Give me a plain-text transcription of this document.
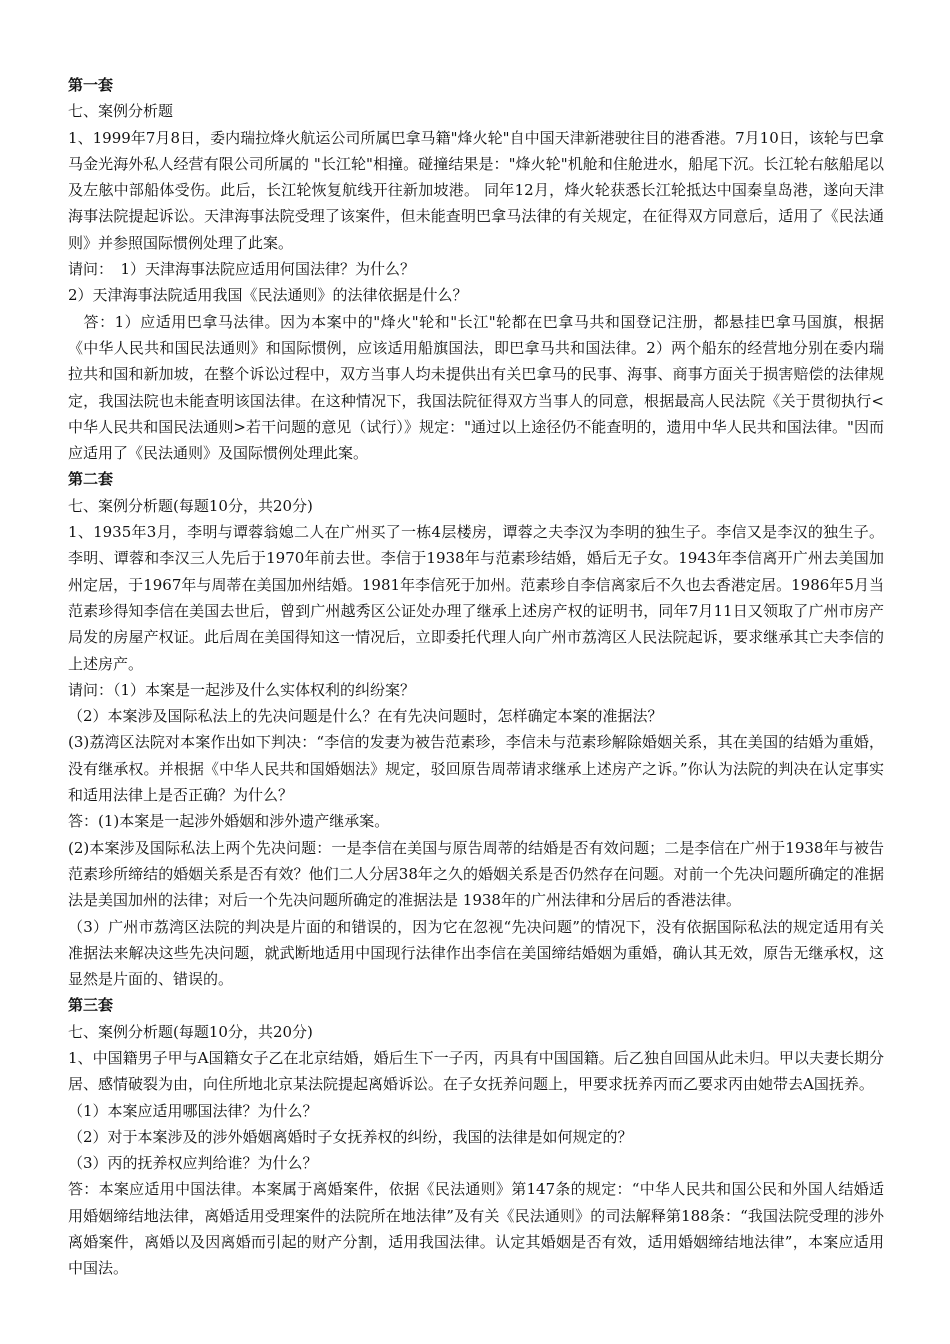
第一套

七、案例分析题

1、1999年7月8日，委内瑞拉烽火航运公司所属巴拿马籍"烽火轮"自中国天津新港驶往目的港香港。7月10日，该轮与巴拿马金光海外私人经营有限公司所属的 "长江轮"相撞。碰撞结果是："烽火轮"机舱和住舱进水，船尾下沉。长江轮右舷船尾以及左舷中部船体受伤。此后，长江轮恢复航线开往新加坡港。 同年12月，烽火轮获悉长江轮抵达中国秦皇岛港，遂向天津海事法院提起诉讼。天津海事法院受理了该案件，但未能查明巴拿马法律的有关规定，在征得双方同意后，适用了《民法通则》并参照国际惯例处理了此案。

请问：　1）天津海事法院应适用何国法律？为什么？

2）天津海事法院适用我国《民法通则》的法律依据是什么？

　答：1）应适用巴拿马法律。因为本案中的"烽火"轮和"长江"轮都在巴拿马共和国登记注册，都悬挂巴拿马国旗，根据《中华人民共和国民法通则》和国际惯例，应该适用船旗国法，即巴拿马共和国法律。2）两个船东的经营地分别在委内瑞拉共和国和新加坡，在整个诉讼过程中，双方当事人均未提供出有关巴拿马的民事、海事、商事方面关于损害赔偿的法律规定，我国法院也未能查明该国法律。在这种情况下，我国法院征得双方当事人的同意，根据最高人民法院《关于贯彻执行<中华人民共和国民法通则>若干问题的意见（试行）》规定："通过以上途径仍不能查明的，遗用中华人民共和国法律。"因而应适用了《民法通则》及国际惯例处理此案。

第二套

七、案例分析题(每题10分，共20分)

1、1935年3月，李明与谭蓉翁媳二人在广州买了一栋4层楼房，谭蓉之夫李汉为李明的独生子。李信又是李汉的独生子。李明、谭蓉和李汉三人先后于1970年前去世。李信于1938年与范素珍结婚，婚后无子女。1943年李信离开广州去美国加州定居，于1967年与周蒂在美国加州结婚。1981年李信死于加州。范素珍自李信离家后不久也去香港定居。1986年5月当范素珍得知李信在美国去世后，曾到广州越秀区公证处办理了继承上述房产权的证明书，同年7月11日又领取了广州市房产局发的房屋产权证。此后周在美国得知这一情况后，立即委托代理人向广州市荔湾区人民法院起诉，要求继承其亡夫李信的上述房产。

请问：（1）本案是一起涉及什么实体权利的纠纷案？

（2）本案涉及国际私法上的先决问题是什么？在有先决问题时，怎样确定本案的准据法？

(3)荔湾区法院对本案作出如下判决：“李信的发妻为被告范素珍，李信未与范素珍解除婚姻关系，其在美国的结婚为重婚，没有继承权。并根据《中华人民共和国婚姻法》规定，驳回原告周蒂请求继承上述房产之诉。”你认为法院的判决在认定事实和适用法律上是否正确？为什么？

答：(1)本案是一起涉外婚姻和涉外遗产继承案。

(2)本案涉及国际私法上两个先决问题：一是李信在美国与原告周蒂的结婚是否有效问题；二是李信在广州于1938年与被告范素珍所缔结的婚姻关系是否有效？他们二人分居38年之久的婚姻关系是否仍然存在问题。对前一个先决问题所确定的准据法是美国加州的法律；对后一个先决问题所确定的准据法是 1938年的广州法律和分居后的香港法律。

（3）广州市荔湾区法院的判决是片面的和错误的，因为它在忽视“先决问题”的情况下，没有依据国际私法的规定适用有关准据法来解决这些先决问题，就武断地适用中国现行法律作出李信在美国缔结婚姻为重婚，确认其无效，原告无继承权，这显然是片面的、错误的。

第三套

七、案例分析题(每题10分，共20分)

1、中国籍男子甲与A国籍女子乙在北京结婚，婚后生下一子丙，丙具有中国国籍。后乙独自回国从此未归。甲以夫妻长期分居、感情破裂为由，向住所地北京某法院提起离婚诉讼。在子女抚养问题上，甲要求抚养丙而乙要求丙由她带去A国抚养。

（1）本案应适用哪国法律？为什么？

（2）对于本案涉及的涉外婚姻离婚时子女抚养权的纠纷，我国的法律是如何规定的？

（3）丙的抚养权应判给谁？为什么？

答：本案应适用中国法律。本案属于离婚案件，依据《民法通则》第147条的规定：“中华人民共和国公民和外国人结婚适用婚姻缔结地法律，离婚适用受理案件的法院所在地法律”及有关《民法通则》的司法解释第188条：“我国法院受理的涉外离婚案件，离婚以及因离婚而引起的财产分割，适用我国法律。认定其婚姻是否有效，适用婚姻缔结地法律”，本案应适用中国法。
